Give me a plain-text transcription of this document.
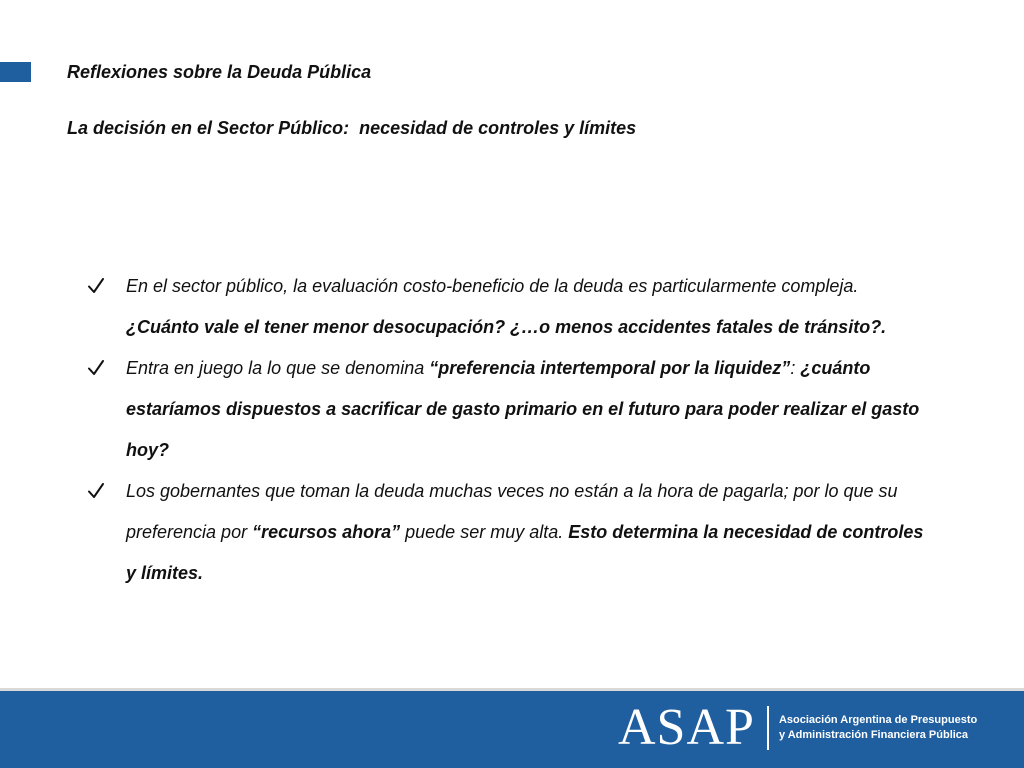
Reflexiones sobre la Deuda Pública
La decisión en el Sector Público:  necesidad de controles y límites
En el sector público, la evaluación costo-beneficio de la deuda es particularmente compleja. ¿Cuánto vale el tener menor desocupación? ¿…o menos accidentes fatales de tránsito?.
Entra en juego la lo que se denomina “preferencia intertemporal por la liquidez”: ¿cuánto estaríamos dispuestos a sacrificar de gasto primario en el futuro para poder realizar el gasto hoy?
Los gobernantes que toman la deuda muchas veces no están a la hora de pagarla; por lo que su preferencia por “recursos ahora” puede ser muy alta. Esto determina la necesidad de controles y límites.
ASAP Asociación Argentina de Presupuesto
y Administración Financiera Pública
